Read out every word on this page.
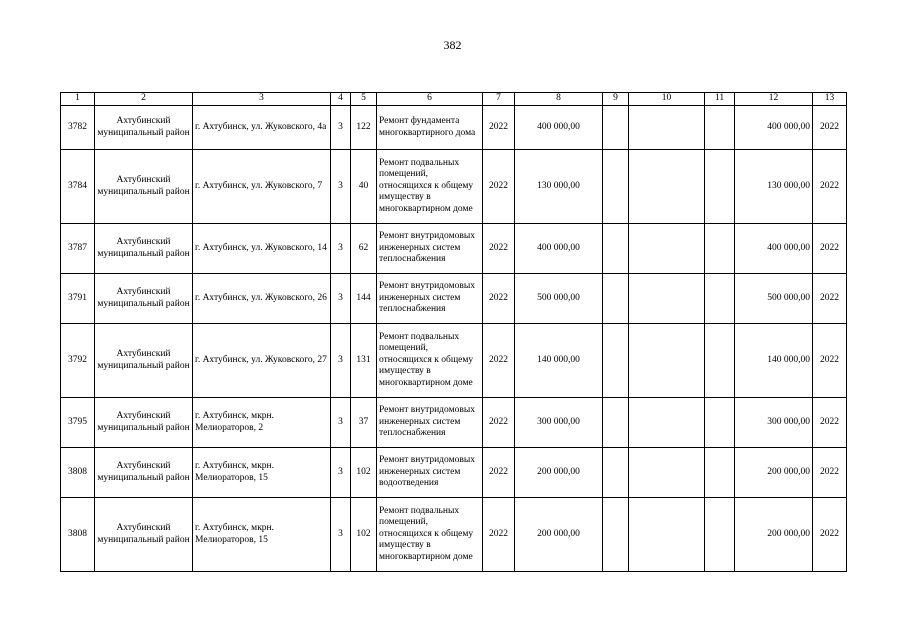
382
1	2	3	4	5	6	7	8	9	10	11	12	13
3782	Ахтубинский муниципальный район	г. Ахтубинск, ул. Жуковского, 4а	3	122	Ремонт фундамента многоквартирного дома	2022	400 000,00				400 000,00	2022
3784	Ахтубинский муниципальный район	г. Ахтубинск, ул. Жуковского, 7	3	40	Ремонт подвальных помещений, относящихся к общему имуществу в многоквартирном доме	2022	130 000,00				130 000,00	2022
3787	Ахтубинский муниципальный район	г. Ахтубинск, ул. Жуковского, 14	3	62	Ремонт внутридомовых инженерных систем теплоснабжения	2022	400 000,00				400 000,00	2022
3791	Ахтубинский муниципальный район	г. Ахтубинск, ул. Жуковского, 26	3	144	Ремонт внутридомовых инженерных систем теплоснабжения	2022	500 000,00				500 000,00	2022
3792	Ахтубинский муниципальный район	г. Ахтубинск, ул. Жуковского, 27	3	131	Ремонт подвальных помещений, относящихся к общему имуществу в многоквартирном доме	2022	140 000,00				140 000,00	2022
3795	Ахтубинский муниципальный район	г. Ахтубинск, мкрн. Мелиораторов, 2	3	37	Ремонт внутридомовых инженерных систем теплоснабжения	2022	300 000,00				300 000,00	2022
3808	Ахтубинский муниципальный район	г. Ахтубинск, мкрн. Мелиораторов, 15	3	102	Ремонт внутридомовых инженерных систем водоотведения	2022	200 000,00				200 000,00	2022
3808	Ахтубинский муниципальный район	г. Ахтубинск, мкрн. Мелиораторов, 15	3	102	Ремонт подвальных помещений, относящихся к общему имуществу в многоквартирном доме	2022	200 000,00				200 000,00	2022
